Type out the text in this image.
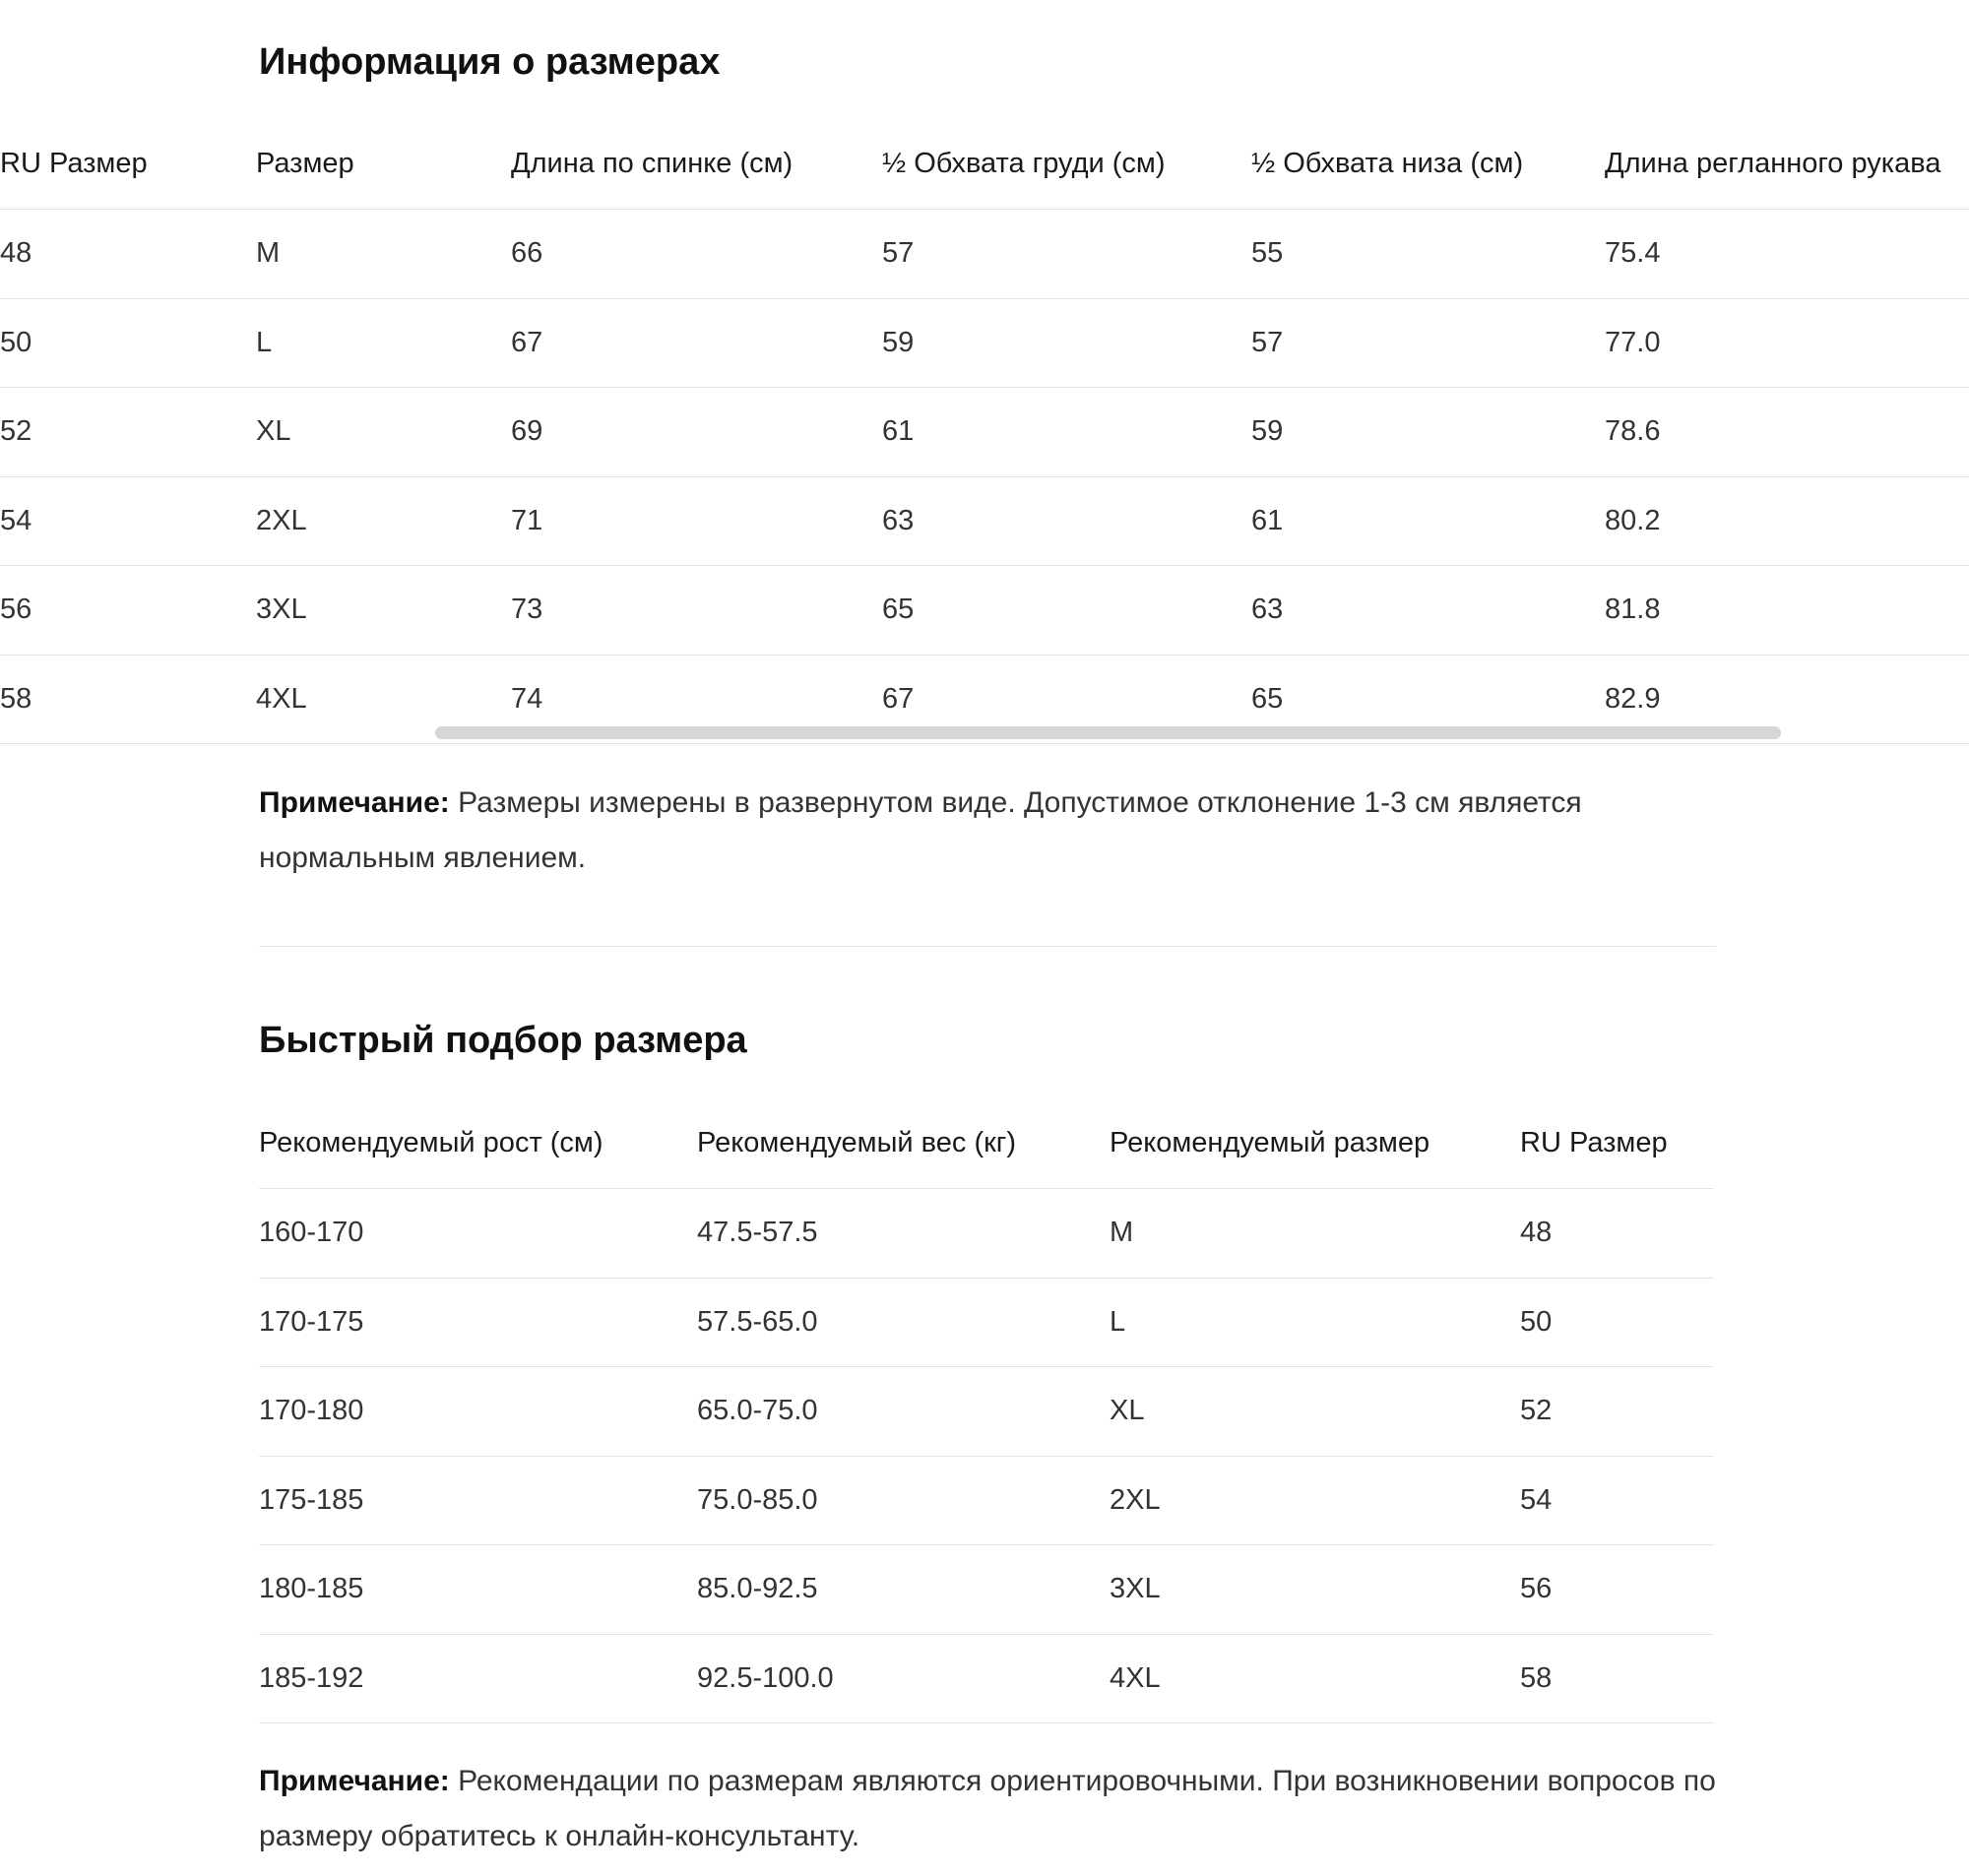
Информация о размерах
RU Размер	Размер	Длина по спинке (см)	½ Обхвата груди (см)	½ Обхвата низа (см)	Длина регланного рукава
48	M	66	57	55	75.4
50	L	67	59	57	77.0
52	XL	69	61	59	78.6
54	2XL	71	63	61	80.2
56	3XL	73	65	63	81.8
58	4XL	74	67	65	82.9

Примечание: Размеры измерены в развернутом виде. Допустимое отклонение 1-3 см является нормальным явлением.

Быстрый подбор размера
Рекомендуемый рост (см)	Рекомендуемый вес (кг)	Рекомендуемый размер	RU Размер
160-170	47.5-57.5	M	48
170-175	57.5-65.0	L	50
170-180	65.0-75.0	XL	52
175-185	75.0-85.0	2XL	54
180-185	85.0-92.5	3XL	56
185-192	92.5-100.0	4XL	58

Примечание: Рекомендации по размерам являются ориентировочными. При возникновении вопросов по размеру обратитесь к онлайн-консультанту.
